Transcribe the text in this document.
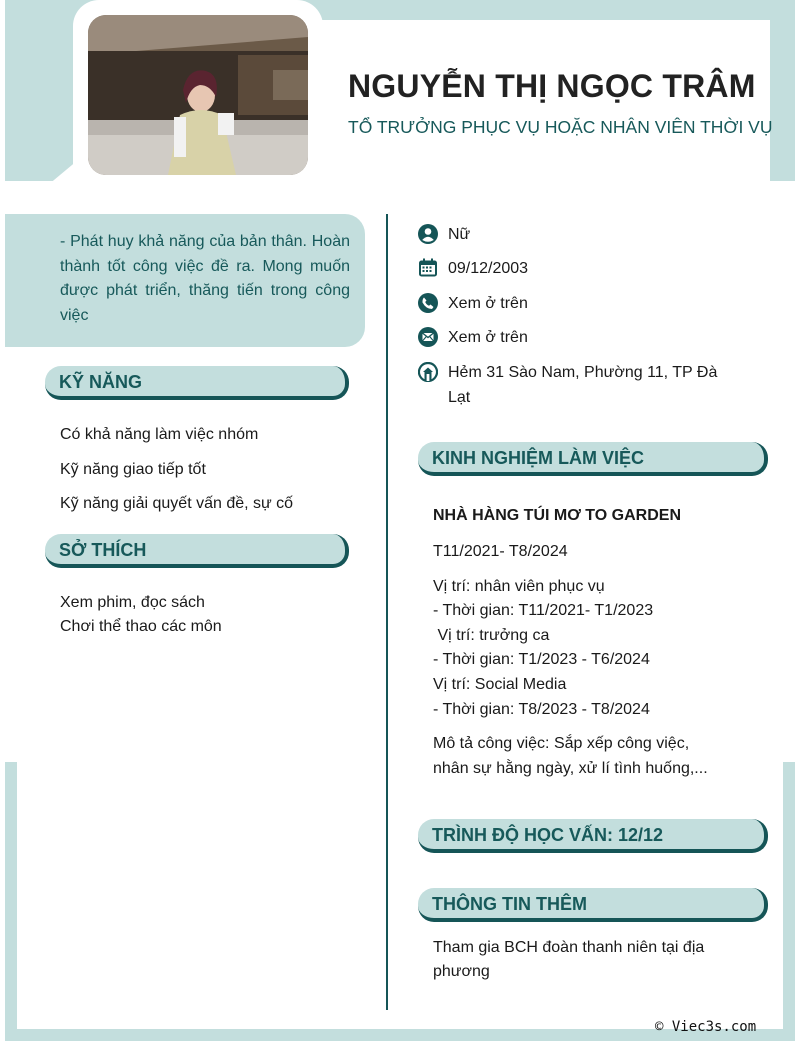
NGUYỄN THỊ NGỌC TRÂM
TỔ TRƯỞNG PHỤC VỤ HOẶC NHÂN VIÊN THỜI VỤ

- Phát huy khả năng của bản thân. Hoàn thành tốt công việc đề ra. Mong muốn được phát triển, thăng tiến trong công việc

KỸ NĂNG
Có khả năng làm việc nhóm
Kỹ năng giao tiếp tốt
Kỹ năng giải quyết vấn đề, sự cố
SỞ THÍCH
Xem phim, đọc sách
Chơi thể thao các môn
Nữ
09/12/2003
Xem ở trên
Xem ở trên
Hẻm 31 Sào Nam, Phường 11, TP Đà
Lạt
KINH NGHIỆM LÀM VIỆC
NHÀ HÀNG TÚI MƠ TO GARDEN
T11/2021- T8/2024
Vị trí: nhân viên phục vụ
- Thời gian: T11/2021- T1/2023
Vị trí: trưởng ca
- Thời gian: T1/2023 - T6/2024
Vị trí: Social Media
- Thời gian: T8/2023 - T8/2024
Mô tả công việc: Sắp xếp công việc,
nhân sự hằng ngày, xử lí tình huống,...
TRÌNH ĐỘ HỌC VẤN: 12/12
THÔNG TIN THÊM
Tham gia BCH đoàn thanh niên tại địa
phương
© Viec3s.com
